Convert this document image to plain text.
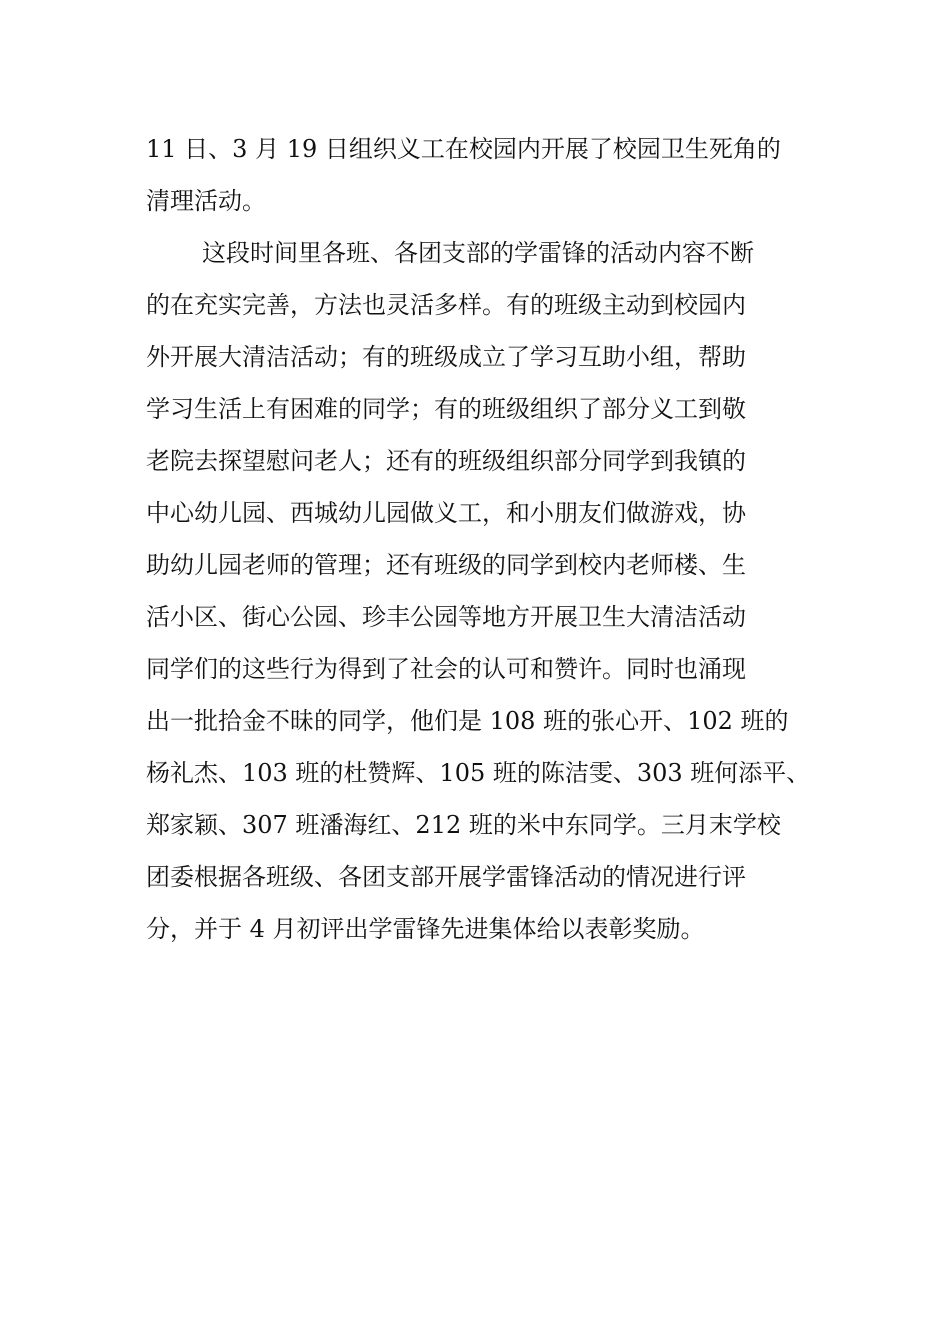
11 日、3 月 19 日组织义工在校园内开展了校园卫生死角的
清理活动。
这段时间里各班、各团支部的学雷锋的活动内容不断
的在充实完善，方法也灵活多样。有的班级主动到校园内
外开展大清洁活动；有的班级成立了学习互助小组，帮助
学习生活上有困难的同学；有的班级组织了部分义工到敬
老院去探望慰问老人；还有的班级组织部分同学到我镇的
中心幼儿园、西城幼儿园做义工，和小朋友们做游戏，协
助幼儿园老师的管理；还有班级的同学到校内老师楼、生
活小区、街心公园、珍丰公园等地方开展卫生大清洁活动
同学们的这些行为得到了社会的认可和赞许。同时也涌现
出一批拾金不昧的同学，他们是 108 班的张心开、102 班的
杨礼杰、103 班的杜赞辉、105 班的陈洁雯、303 班何添平、
郑家颖、307 班潘海红、212 班的米中东同学。三月末学校
团委根据各班级、各团支部开展学雷锋活动的情况进行评
分，并于 4 月初评出学雷锋先进集体给以表彰奖励。
